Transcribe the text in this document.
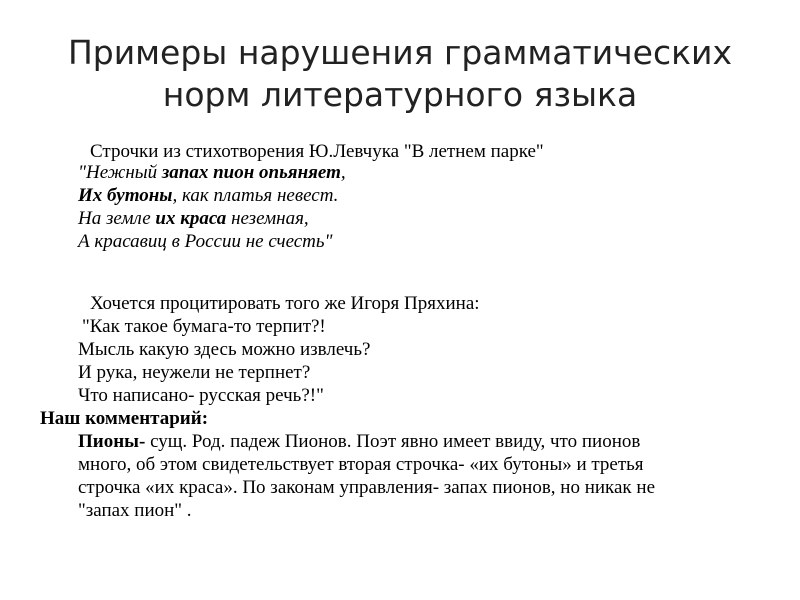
Примеры нарушения грамматических
норм литературного языка
Строчки из стихотворения Ю.Левчука "В летнем парке"
"Нежный запах пион опьяняет,
Их бутоны, как платья невест.
На земле их краса неземная,
А красавиц в России не счесть"
Хочется процитировать того же Игоря Пряхина:
"Как такое бумага-то терпит?!
Мысль какую здесь можно извлечь?
И рука, неужели не терпнет?
Что написано- русская речь?!"
Наш комментарий:
Пионы- сущ. Род. падеж Пионов. Поэт явно имеет ввиду, что пионов
много, об этом свидетельствует вторая строчка- «их бутоны» и третья
строчка «их краса». По законам управления- запах пионов, но никак не
"запах пион" .
